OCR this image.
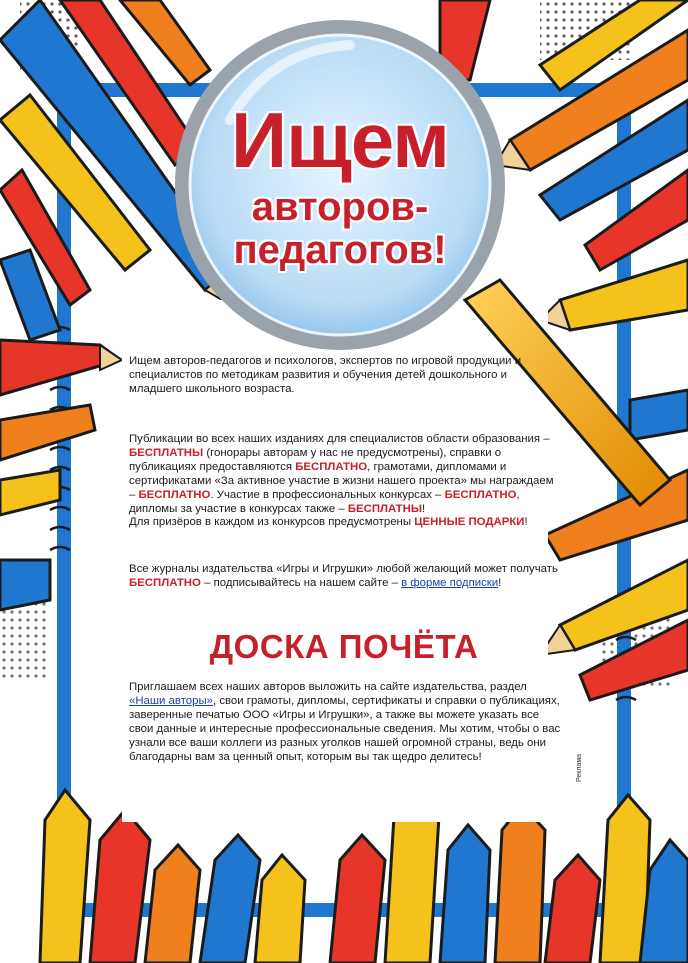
Ищем
авторов-
педагогов!

Ищем авторов-педагогов и психологов, экспертов по игровой продукции и специалистов по методикам развития и обучения детей дошкольного и младшего школьного возраста.

Публикации во всех наших изданиях для специалистов области образования – БЕСПЛАТНЫ (гонорары авторам у нас не предусмотрены), справки о публикациях предоставляются БЕСПЛАТНО, грамотами, дипломами и сертификатами «За активное участие в жизни нашего проекта» мы награждаем – БЕСПЛАТНО. Участие в профессиональных конкурсах – БЕСПЛАТНО, дипломы за участие в конкурсах также – БЕСПЛАТНЫ!
Для призёров в каждом из конкурсов предусмотрены ЦЕННЫЕ ПОДАРКИ!

Все журналы издательства «Игры и Игрушки» любой желающий может получать БЕСПЛАТНО – подписывайтесь на нашем сайте – в форме подписки!

ДОСКА ПОЧЁТА

Приглашаем всех наших авторов выложить на сайте издательства, раздел «Наши авторы», свои грамоты, дипломы, сертификаты и справки о публикациях, заверенные печатью ООО «Игры и Игрушки», а также вы можете указать все свои данные и интересные профессиональные сведения. Мы хотим, чтобы о вас узнали все ваши коллеги из разных уголков нашей огромной страны, ведь они благодарны вам за ценный опыт, которым вы так щедро делитесь!	Реклама
